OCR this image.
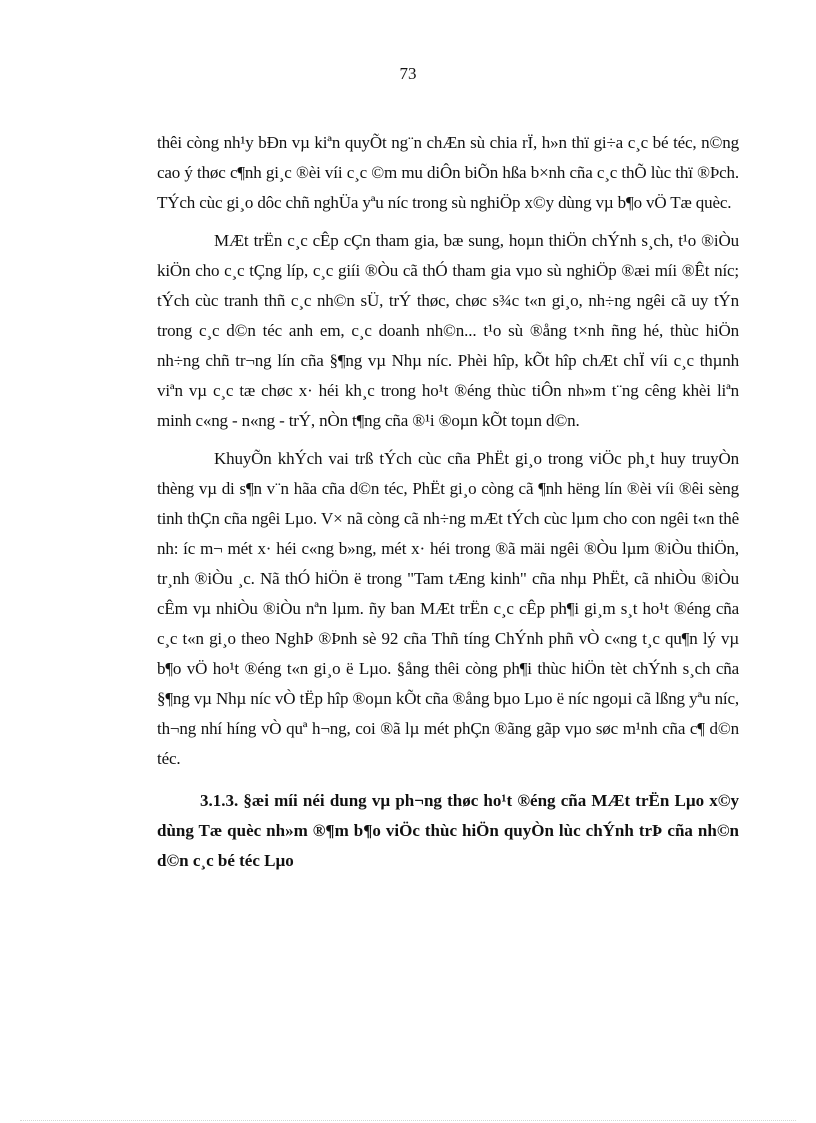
73

thêi còng nh¹y bÐn vµ kiªn quyÕt ng¨n chÆn sù chia rÏ, h»n thï gi÷a c¸c bé téc, n©ng cao ý thøc c¶nh gi¸c ®èi víi c¸c ©m mu diÔn biÕn hßa b×nh cña c¸c thÕ lùc thï ®Þch. TÝch cùc gi¸o dôc chñ nghÜa yªu níc trong sù nghiÖp x©y dùng vµ b¶o vÖ Tæ quèc.

MÆt trËn c¸c cÊp cÇn tham gia, bæ sung, hoµn thiÖn chÝnh s¸ch, t¹o ®iÒu kiÖn cho c¸c tÇng líp, c¸c giíi ®Òu cã thÓ tham gia vµo sù nghiÖp ®æi míi ®Êt níc; tÝch cùc tranh thñ c¸c nh©n sÜ, trÝ thøc, chøc s¾c t«n gi¸o, nh÷ng ngêi cã uy tÝn trong c¸c d©n téc anh em, c¸c doanh nh©n... t¹o sù ®ång t×nh ñng hé, thùc hiÖn nh÷ng chñ tr¬ng lín cña §¶ng vµ Nhµ níc. Phèi hîp, kÕt hîp chÆt chÏ víi c¸c thµnh viªn vµ c¸c tæ chøc x· héi kh¸c trong ho¹t ®éng thùc tiÔn nh»m t¨ng cêng khèi liªn minh c«ng - n«ng - trÝ, nÒn t¶ng cña ®¹i ®oµn kÕt toµn d©n.

KhuyÕn khÝch vai trß tÝch cùc cña PhËt gi¸o trong viÖc ph¸t huy truyÒn thèng vµ di s¶n v¨n hãa cña d©n téc, PhËt gi¸o còng cã ¶nh hëng lín ®èi víi ®êi sèng tinh thÇn cña ngêi Lµo. V× nã còng cã nh÷ng mÆt tÝch cùc lµm cho con ngêi t«n thê nh: íc m¬ mét x· héi c«ng b»ng, mét x· héi trong ®ã mäi ngêi ®Òu lµm ®iÒu thiÖn, tr¸nh ®iÒu ¸c. Nã thÓ hiÖn ë trong "Tam tÆng kinh" cña nhµ PhËt, cã nhiÒu ®iÒu cÊm vµ nhiÒu ®iÒu nªn lµm. ñy ban MÆt trËn c¸c cÊp ph¶i gi¸m s¸t ho¹t ®éng cña c¸c t«n gi¸o theo NghÞ ®Þnh sè 92 cña Thñ tíng ChÝnh phñ vÒ c«ng t¸c qu¶n lý vµ b¶o vÖ ho¹t ®éng t«n gi¸o ë Lµo. §ång thêi còng ph¶i thùc hiÖn tèt chÝnh s¸ch cña §¶ng vµ Nhµ níc vÒ tËp hîp ®oµn kÕt cña ®ång bµo Lµo ë níc ngoµi cã lßng yªu níc, th¬ng nhí híng vÒ quª h¬ng, coi ®ã lµ mét phÇn ®ãng gãp vµo søc m¹nh cña c¶ d©n téc.

3.1.3. §æi míi néi dung vµ ph¬ng thøc ho¹t ®éng cña MÆt trËn Lµo x©y dùng Tæ quèc nh»m ®¶m b¶o viÖc thùc hiÖn quyÒn lùc chÝnh trÞ cña nh©n d©n c¸c bé téc Lµo
